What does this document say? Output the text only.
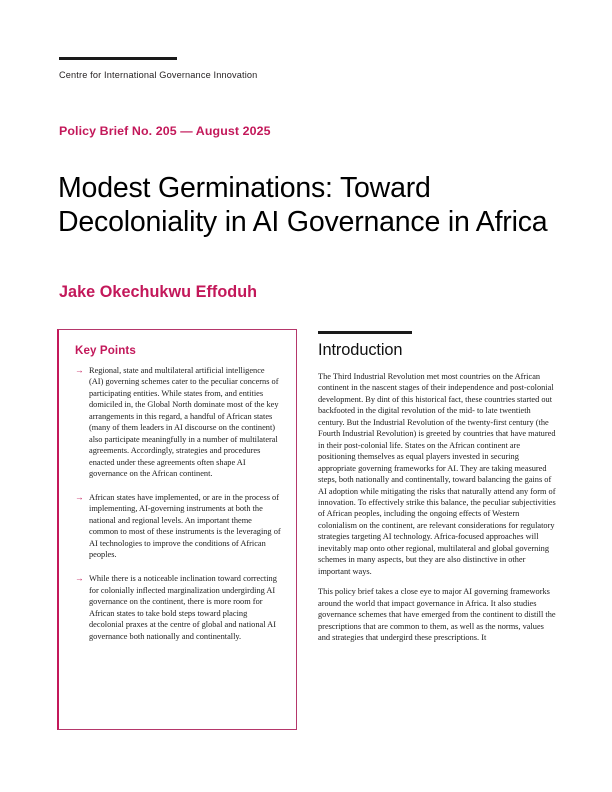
Centre for International Governance Innovation
Policy Brief No. 205 — August 2025
Modest Germinations: Toward Decoloniality in AI Governance in Africa
Jake Okechukwu Effoduh
Key Points
→ Regional, state and multilateral artificial intelligence (AI) governing schemes cater to the peculiar concerns of participating entities. While states from, and entities domiciled in, the Global North dominate most of the key arrangements in this regard, a handful of African states (many of them leaders in AI discourse on the continent) also participate meaningfully in a number of multilateral agreements. Accordingly, strategies and procedures enacted under these agreements often shape AI governance on the African continent.
→ African states have implemented, or are in the process of implementing, AI-governing instruments at both the national and regional levels. An important theme common to most of these instruments is the leveraging of AI technologies to improve the conditions of African peoples.
→ While there is a noticeable inclination toward correcting for colonially inflected marginalization undergirding AI governance on the continent, there is more room for African states to take bold steps toward placing decolonial praxes at the centre of global and national AI governance both nationally and continentally.
Introduction

The Third Industrial Revolution met most countries on the African continent in the nascent stages of their independence and post-colonial development. By dint of this historical fact, these countries started out backfooted in the digital revolution of the mid- to late twentieth century. But the Industrial Revolution of the twenty-first century (the Fourth Industrial Revolution) is greeted by countries that have matured in their post-colonial life. States on the African continent are positioning themselves as equal players invested in securing appropriate governing frameworks for AI. They are taking measured steps, both nationally and continentally, toward balancing the gains of AI adoption while mitigating the risks that naturally attend any form of innovation. To effectively strike this balance, the peculiar subjectivities of African peoples, including the ongoing effects of Western colonialism on the continent, are relevant considerations for regulatory strategies targeting AI technology. Africa-focused approaches will inevitably map onto other regional, multilateral and global governing schemes in many aspects, but they are also distinctive in other important ways.

This policy brief takes a close eye to major AI governing frameworks around the world that impact governance in Africa. It also studies governance schemes that have emerged from the continent to distill the prescriptions that are common to them, as well as the norms, values and strategies that undergird these prescriptions. It
